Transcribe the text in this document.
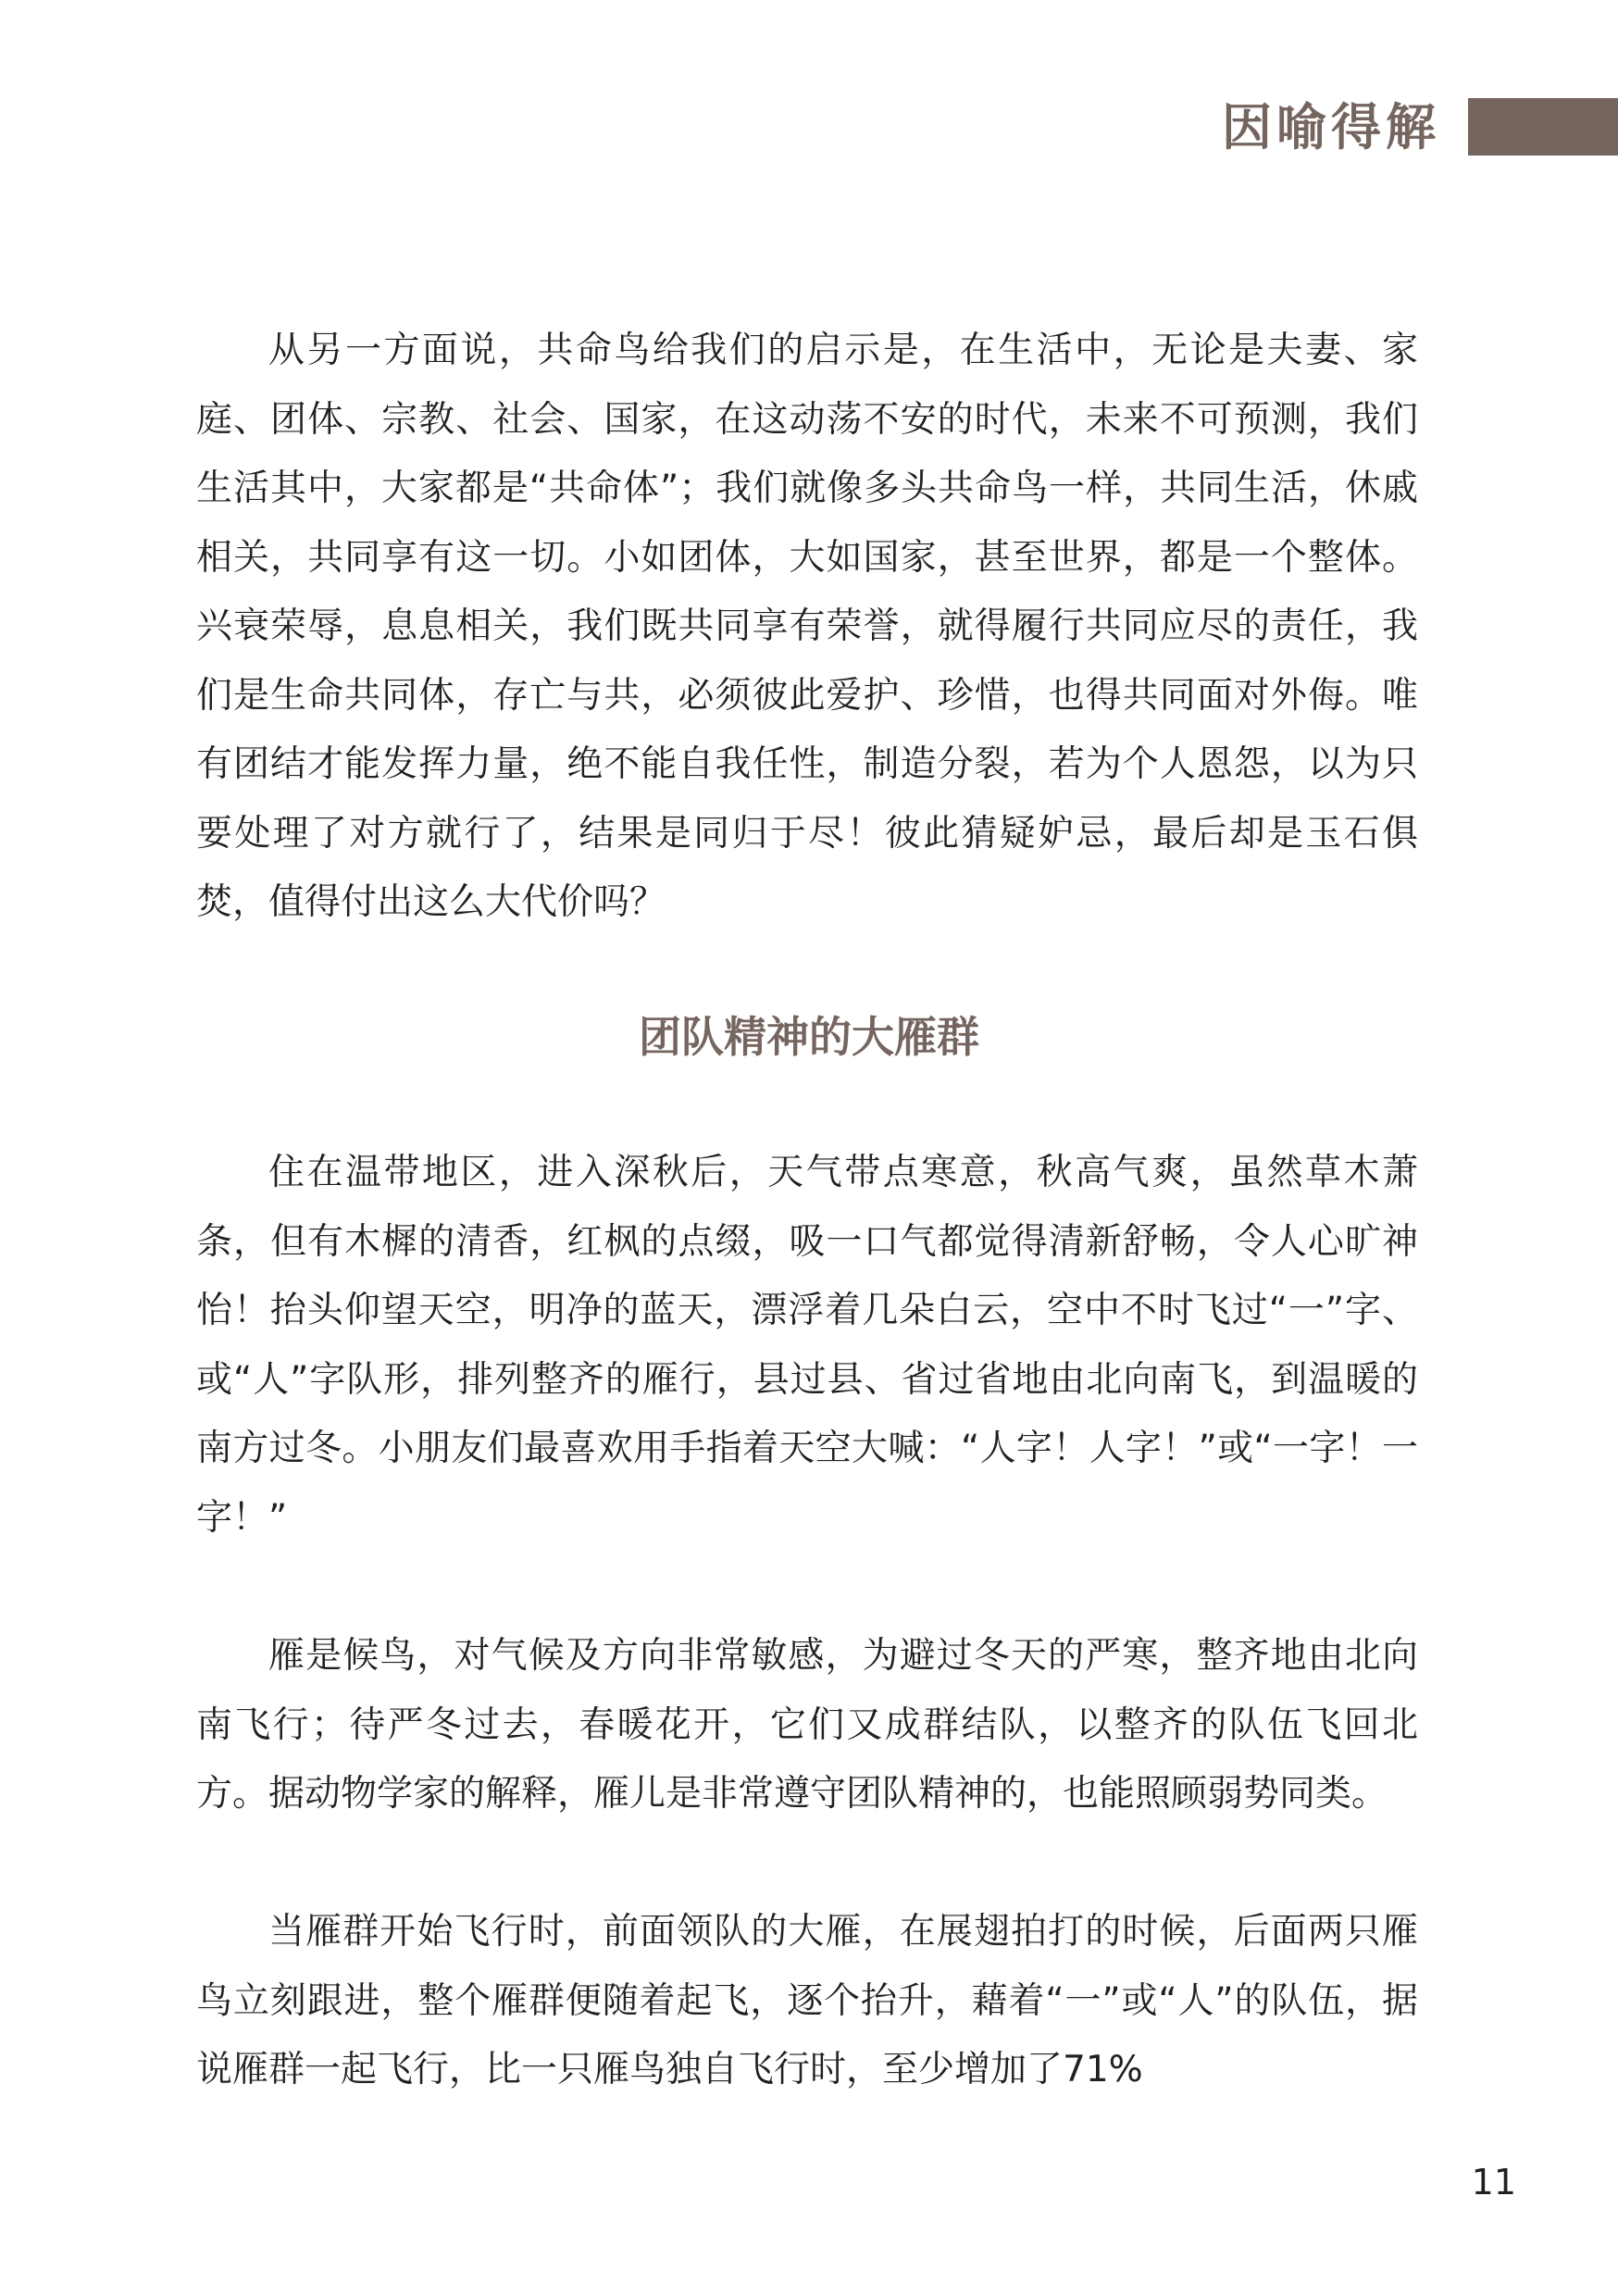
因喻得解

从另一方面说，共命鸟给我们的启示是，在生活中，无论是夫妻、家庭、团体、宗教、社会、国家，在这动荡不安的时代，未来不可预测，我们生活其中，大家都是“共命体”；我们就像多头共命鸟一样，共同生活，休戚相关，共同享有这一切。小如团体，大如国家，甚至世界，都是一个整体。兴衰荣辱，息息相关，我们既共同享有荣誉，就得履行共同应尽的责任，我们是生命共同体，存亡与共，必须彼此爱护、珍惜，也得共同面对外侮。唯有团结才能发挥力量，绝不能自我任性，制造分裂，若为个人恩怨，以为只要处理了对方就行了，结果是同归于尽！彼此猜疑妒忌，最后却是玉石俱焚，值得付出这么大代价吗？

团队精神的大雁群

住在温带地区，进入深秋后，天气带点寒意，秋高气爽，虽然草木萧条，但有木樨的清香，红枫的点缀，吸一口气都觉得清新舒畅，令人心旷神怡！抬头仰望天空，明净的蓝天，漂浮着几朵白云，空中不时飞过“一”字、或“人”字队形，排列整齐的雁行，县过县、省过省地由北向南飞，到温暖的南方过冬。小朋友们最喜欢用手指着天空大喊：“人字！人字！”或“一字！一字！”

雁是候鸟，对气候及方向非常敏感，为避过冬天的严寒，整齐地由北向南飞行；待严冬过去，春暖花开，它们又成群结队，以整齐的队伍飞回北方。据动物学家的解释，雁儿是非常遵守团队精神的，也能照顾弱势同类。

当雁群开始飞行时，前面领队的大雁，在展翅拍打的时候，后面两只雁鸟立刻跟进，整个雁群便随着起飞，逐个抬升，藉着“一”或“人”的队伍，据说雁群一起飞行，比一只雁鸟独自飞行时，至少增加了71%

11
